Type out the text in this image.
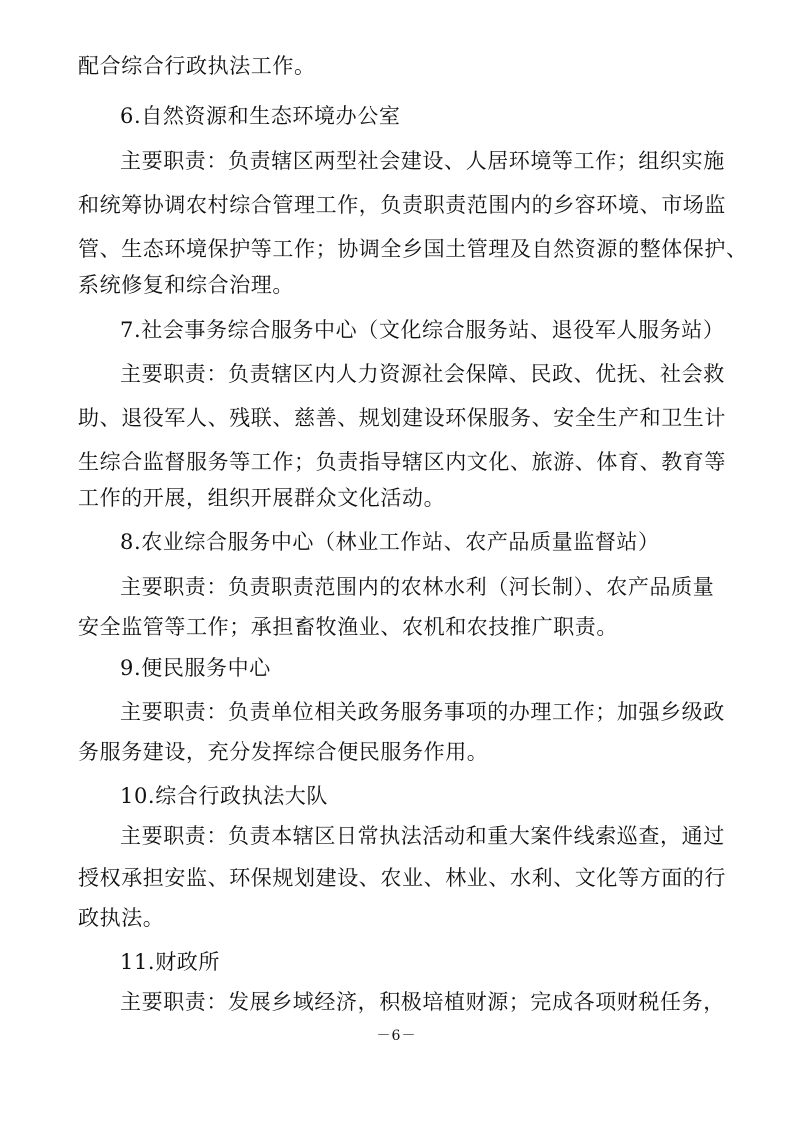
配合综合行政执法工作。
6.自然资源和生态环境办公室
主要职责：负责辖区两型社会建设、人居环境等工作；组织实施
和统筹协调农村综合管理工作，负责职责范围内的乡容环境、市场监
管、生态环境保护等工作；协调全乡国土管理及自然资源的整体保护、
系统修复和综合治理。
7.社会事务综合服务中心（文化综合服务站、退役军人服务站）
主要职责：负责辖区内人力资源社会保障、民政、优抚、社会救
助、退役军人、残联、慈善、规划建设环保服务、安全生产和卫生计
生综合监督服务等工作；负责指导辖区内文化、旅游、体育、教育等
工作的开展，组织开展群众文化活动。
8.农业综合服务中心（林业工作站、农产品质量监督站）
主要职责：负责职责范围内的农林水利（河长制）、农产品质量
安全监管等工作；承担畜牧渔业、农机和农技推广职责。
9.便民服务中心
主要职责：负责单位相关政务服务事项的办理工作；加强乡级政
务服务建设，充分发挥综合便民服务作用。
10.综合行政执法大队
主要职责：负责本辖区日常执法活动和重大案件线索巡查，通过
授权承担安监、环保规划建设、农业、林业、水利、文化等方面的行
政执法。
11.财政所
主要职责：发展乡域经济，积极培植财源；完成各项财税任务，
－6－
